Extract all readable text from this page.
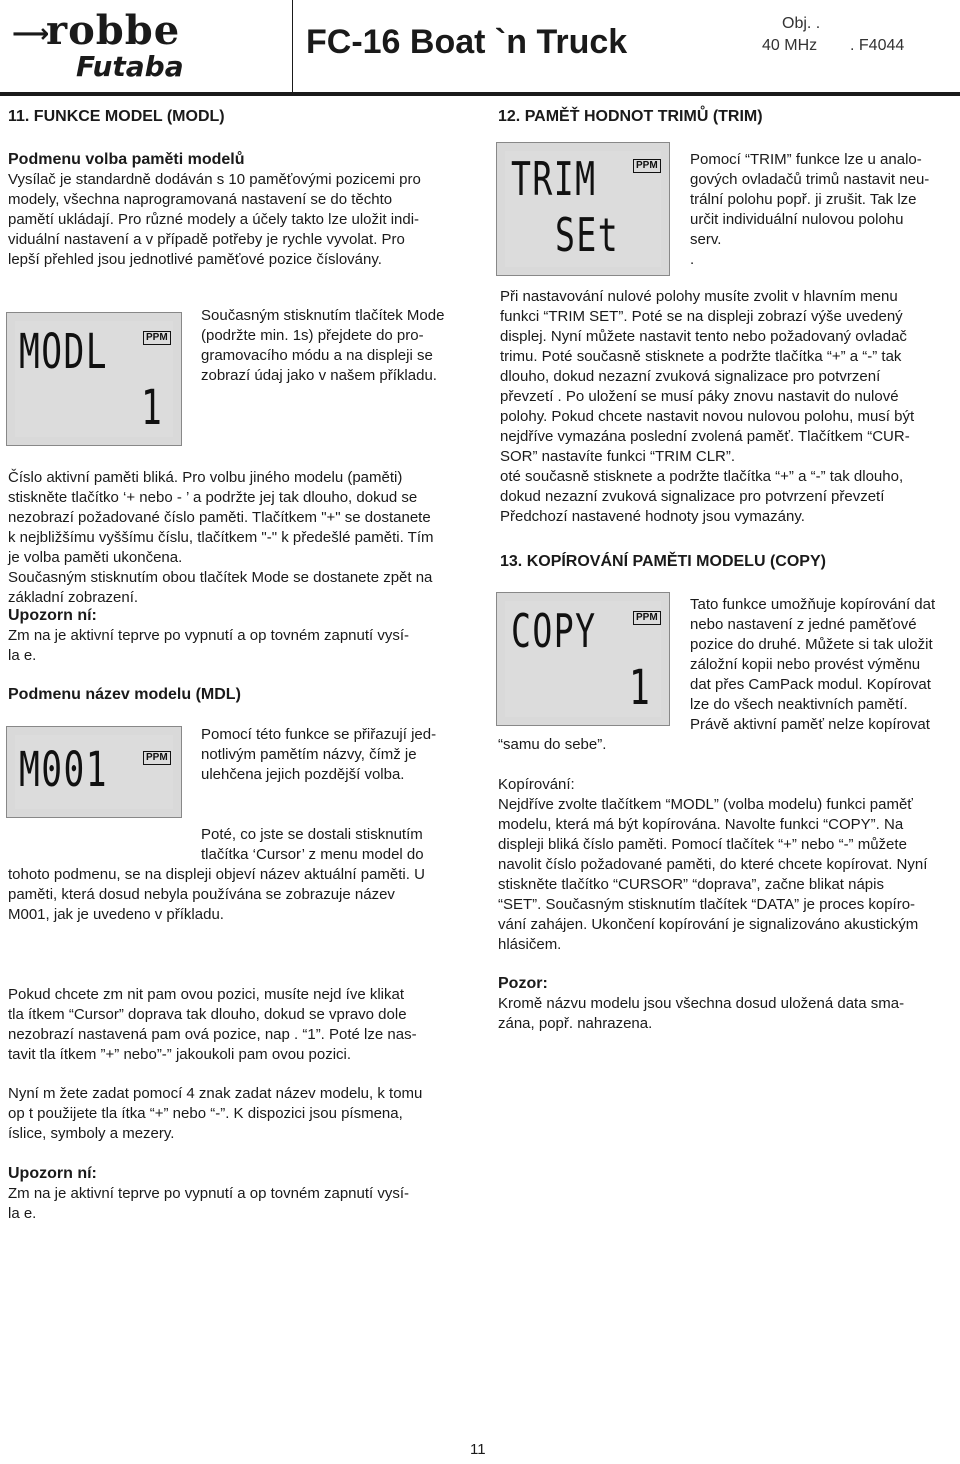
⟶
robbe
Futaba
FC-16 Boat `n Truck	Obj. .
40 MHz . F4044
11. FUNKCE MODEL (MODL)
Podmenu volba paměti modelů
Vysílač je standardně dodáván s 10 paměťovými pozicemi pro
modely, všechna naprogramovaná nastavení se do těchto
pamětí ukládají. Pro různé modely a účely takto lze uložit indi-
viduální nastavení a v případě potřeby je rychle vyvolat. Pro
lepší přehled jsou jednotlivé paměťové pozice číslovány.
MODL
1
PPM
Současným stisknutím tlačítek Mode
(podržte min. 1s) přejdete do pro-
gramovacího módu a na displeji se
zobrazí údaj jako v našem příkladu.
Číslo aktivní paměti bliká. Pro volbu jiného modelu (paměti)
stiskněte tlačítko ‘+ nebo - ’ a podržte jej tak dlouho, dokud se
nezobrazí požadované číslo paměti. Tlačítkem "+" se dostanete
k nejbližšímu vyššímu číslu, tlačítkem "-" k předešlé paměti. Tím
je volba paměti ukončena.
Současným stisknutím obou tlačítek Mode se dostanete zpět na
základní zobrazení.
Upozorn ní:
Zm na je aktivní teprve po vypnutí a op tovném zapnutí vysí-
la e.
Podmenu název modelu (MDL)
M001	PPM
Pomocí této funkce se přiřazují jed-
notlivým pamětím názvy, čímž je
ulehčena jejich pozdější volba.
Poté, co jste se dostali stisknutím
tlačítka ‘Cursor’ z menu model do
tohoto podmenu, se na displeji objeví název aktuální paměti. U
paměti, která dosud nebyla používána se zobrazuje název
M001, jak je uvedeno v příkladu.
Pokud chcete zm nit pam ovou pozici, musíte nejd íve klikat
tla ítkem “Cursor” doprava tak dlouho, dokud se vpravo dole
nezobrazí nastavená pam ová pozice, nap . “1”. Poté lze nas-
tavit tla ítkem ”+” nebo”-” jakoukoli pam ovou pozici.
Nyní m žete zadat pomocí 4 znak zadat název modelu, k tomu
op t použijete tla ítka “+” nebo “-”. K dispozici jsou písmena,
íslice, symboly a mezery.
Upozorn ní:
Zm na je aktivní teprve po vypnutí a op tovném zapnutí vysí-
la e.
12. PAMĚŤ HODNOT TRIMŮ (TRIM)
TRIM
SEt
PPM Pomocí “TRIM” funkce lze u analo-
gových ovladačů trimů nastavit neu-
trální polohu popř. ji zrušit. Tak lze
určit individuální nulovou polohu
serv.
.
Při nastavování nulové polohy musíte zvolit v hlavním menu
funkci “TRIM SET”. Poté se na displeji zobrazí výše uvedený
displej. Nyní můžete nastavit tento nebo požadovaný ovladač
trimu. Poté současně stisknete a podržte tlačítka “+” a “-” tak
dlouho, dokud nezazní zvuková signalizace pro potvrzení
převzetí . Po uložení se musí páky znovu nastavit do nulové
polohy. Pokud chcete nastavit novou nulovou polohu, musí být
nejdříve vymazána poslední zvolená paměť. Tlačítkem “CUR-
SOR” nastavíte funkci “TRIM CLR”.
oté současně stisknete a podržte tlačítka “+” a “-” tak dlouho,
dokud nezazní zvuková signalizace pro potvrzení převzetí
Předchozí nastavené hodnoty jsou vymazány.
13. KOPÍROVÁNÍ PAMĚTI MODELU (COPY)
COPY
1
PPM
Tato funkce umožňuje kopírování dat
nebo nastavení z jedné paměťové
pozice do druhé. Můžete si tak uložit
záložní kopii nebo provést výměnu
dat přes CamPack modul. Kopírovat
lze do všech neaktivních pamětí.
Právě aktivní paměť nelze kopírovat
“samu do sebe”.
Kopírování:
Nejdříve zvolte tlačítkem “MODL” (volba modelu) funkci paměť
modelu, která má být kopírována. Navolte funkci “COPY”. Na
displeji bliká číslo paměti. Pomocí tlačítek “+” nebo “-” můžete
navolit číslo požadované paměti, do které chcete kopírovat. Nyní
stiskněte tlačítko “CURSOR” “doprava”, začne blikat nápis
“SET”. Současným stisknutím tlačítek “DATA” je proces kopíro-
vání zahájen. Ukončení kopírování je signalizováno akustickým
hlásičem.
Pozor:
Kromě názvu modelu jsou všechna dosud uložená data sma-
zána, popř. nahrazena.
11
